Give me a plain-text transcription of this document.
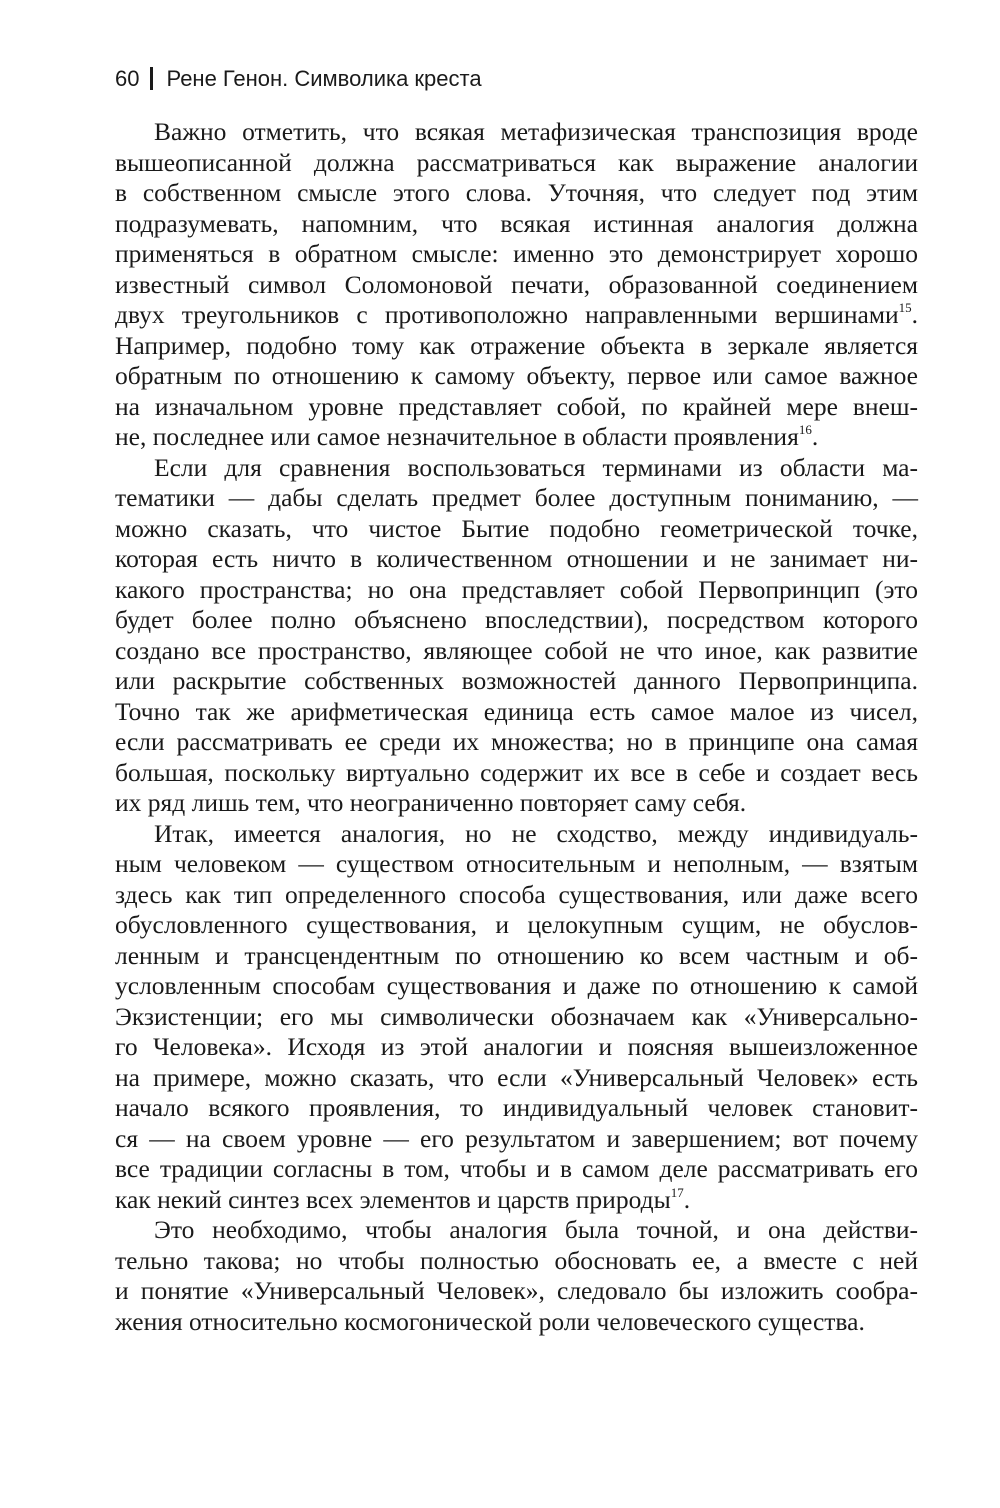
60 Рене Генон. Символика креста
Важно отметить, что всякая метафизическая транспозиция вроде
вышеописанной должна рассматриваться как выражение аналогии
в собственном смысле этого слова. Уточняя, что следует под этим
подразумевать, напомним, что всякая истинная аналогия должна
применяться в обратном смысле: именно это демонстрирует хорошо
известный символ Соломоновой печати, образованной соединением
двух треугольников с противоположно направленными вершинами$^{15}$.
Например, подобно тому как отражение объекта в зеркале является
обратным по отношению к самому объекту, первое или самое важное
на изначальном уровне представляет собой, по крайней мере внеш-
не, последнее или самое незначительное в области проявления$^{16}$.
Если для сравнения воспользоваться терминами из области ма-
тематики — дабы сделать предмет более доступным пониманию, —
можно сказать, что чистое Бытие подобно геометрической точке,
которая есть ничто в количественном отношении и не занимает ни-
какого пространства; но она представляет собой Первопринцип (это
будет более полно объяснено впоследствии), посредством которого
создано все пространство, являющее собой не что иное, как развитие
или раскрытие собственных возможностей данного Первопринципа.
Точно так же арифметическая единица есть самое малое из чисел,
если рассматривать ее среди их множества; но в принципе она самая
большая, поскольку виртуально содержит их все в себе и создает весь
их ряд лишь тем, что неограниченно повторяет саму себя.
Итак, имеется аналогия, но не сходство, между индивидуаль-
ным человеком — существом относительным и неполным, — взятым
здесь как тип определенного способа существования, или даже всего
обусловленного существования, и целокупным сущим, не обуслов-
ленным и трансцендентным по отношению ко всем частным и об-
условленным способам существования и даже по отношению к самой
Экзистенции; его мы символически обозначаем как «Универсально-
го Человека». Исходя из этой аналогии и поясняя вышеизложенное
на примере, можно сказать, что если «Универсальный Человек» есть
начало всякого проявления, то индивидуальный человек становит-
ся — на своем уровне — его результатом и завершением; вот почему
все традиции согласны в том, чтобы и в самом деле рассматривать его
как некий синтез всех элементов и царств природы$^{17}$.
Это необходимо, чтобы аналогия была точной, и она действи-
тельно такова; но чтобы полностью обосновать ее, а вместе с ней
и понятие «Универсальный Человек», следовало бы изложить сообра-
жения относительно космогонической роли человеческого существа.
